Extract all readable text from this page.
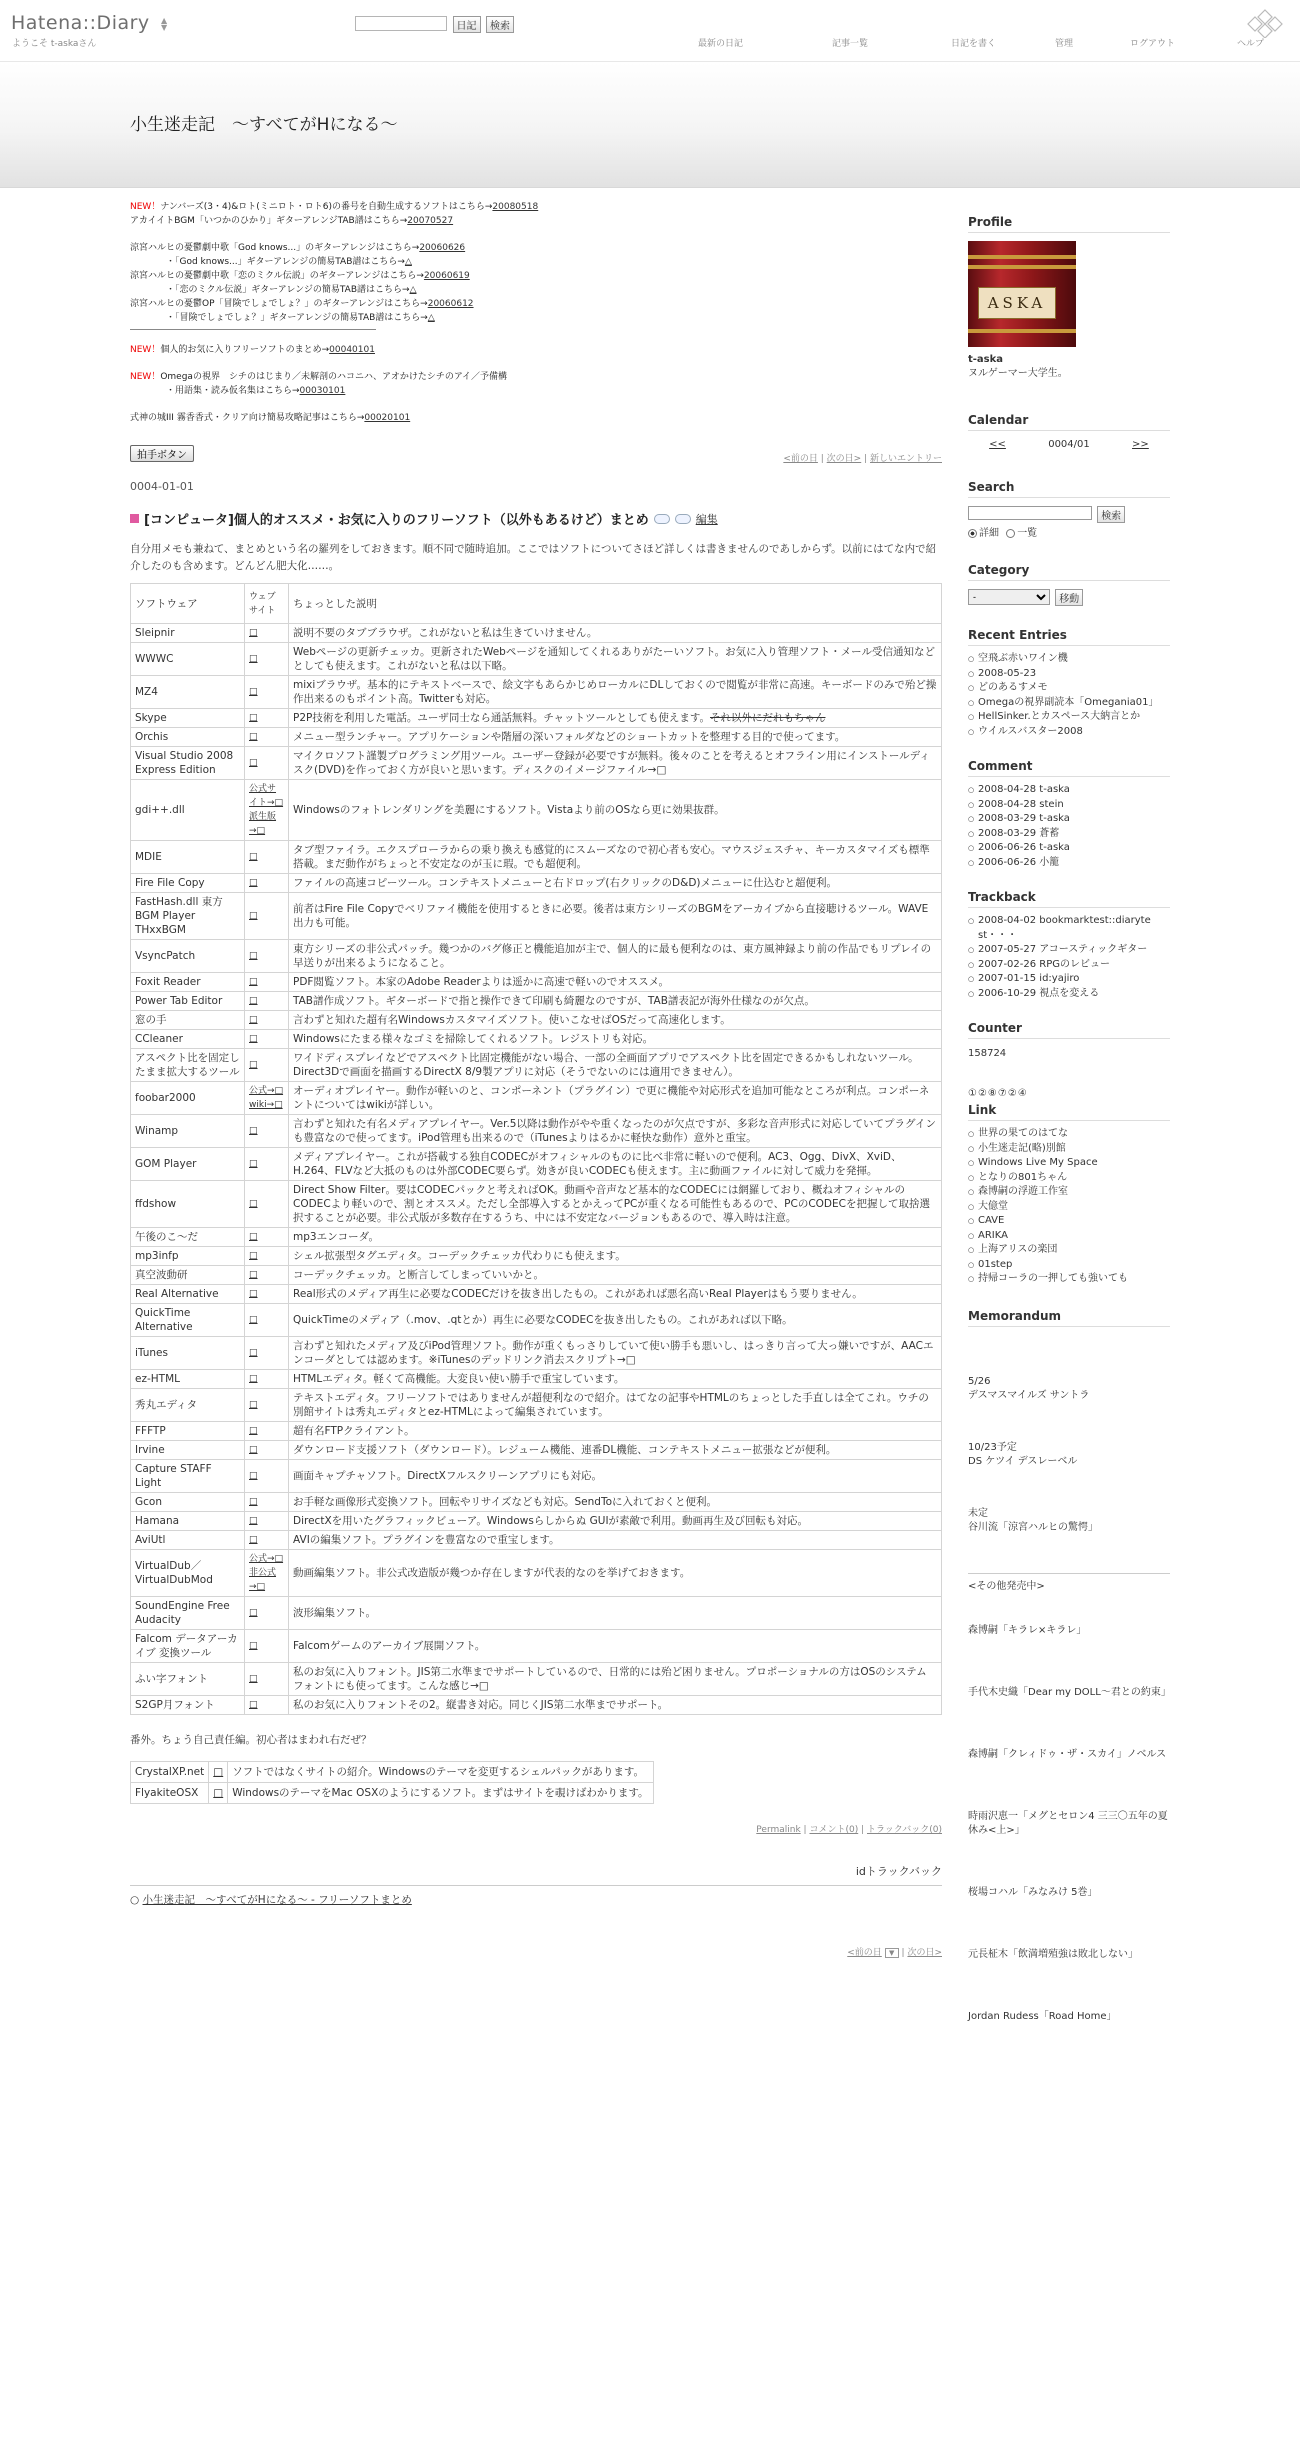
Hatena::Diary ▲
▼
ようこそ t-askaさん
日記 検索
最新の日記	記事一覧	日記を書く	管理	ログアウト	ヘルプ
小生迷走記　〜すべてがHになる〜
NEW！ナンバーズ(3・4)&ロト(ミニロト・ロト6)の番号を自動生成するソフトはこちら→20080518
アカイイトBGM「いつかのひかり」ギターアレンジTAB譜はこちら→20070527
涼宮ハルヒの憂鬱劇中歌「God knows...」のギターアレンジはこちら→20060626
・「God knows...」ギターアレンジの簡易TAB譜はこちら→△
涼宮ハルヒの憂鬱劇中歌「恋のミクル伝説」のギターアレンジはこちら→20060619
・「恋のミクル伝説」ギターアレンジの簡易TAB譜はこちら→△
涼宮ハルヒの憂鬱OP「冒険でしょでしょ？」のギターアレンジはこちら→20060612
・「冒険でしょでしょ？」ギターアレンジの簡易TAB譜はこちら→△
NEW！個人的お気に入りフリーソフトのまとめ→00040101
NEW！Omegaの視界　シチのはじまり／未解剖のハコニハ、アオかけたシチのアイ／予備構
・用語集・読み仮名集はこちら→00030101
式神の城III 霧香香式・クリア向け簡易攻略記事はこちら→00020101
拍手ボタン	<前の日 | 次の日> | 新しいエントリー
0004-01-01
[コンピュータ]個人的オススメ・お気に入りのフリーソフト（以外もあるけど）まとめ	編集
自分用メモも兼ねて、まとめという名の羅列をしておきます。順不同で随時追加。ここではソフトについてさほど詳しくは書きませんのであしからず。以前にはてな内で紹介したのも含めます。どんどん肥大化……。
ソフトウェア	ウェブサイト	ちょっとした説明
Sleipnir	□	説明不要のタブブラウザ。これがないと私は生きていけません。
WWWC	□	Webページの更新チェッカ。更新されたWebページを通知してくれるありがたーいソフト。お気に入り管理ソフト・メール受信通知などとしても使えます。これがないと私は以下略。
MZ4	□	mixiブラウザ。基本的にテキストベースで、絵文字もあらかじめローカルにDLしておくので閲覧が非常に高速。キーボードのみで殆ど操作出来るのもポイント高。Twitterも対応。
Skype	□	P2P技術を利用した電話。ユーザ同士なら通話無料。チャットツールとしても使えます。それ以外にだれもちゃん
Orchis	□	メニュー型ランチャー。アプリケーションや階層の深いフォルダなどのショートカットを整理する目的で使ってます。
Visual Studio 2008 Express Edition	□	マイクロソフト謹製プログラミング用ツール。ユーザー登録が必要ですが無料。後々のことを考えるとオフライン用にインストールディスク(DVD)を作っておく方が良いと思います。ディスクのイメージファイル→□
gdi++.dll	公式サイト→□ 派生版→□	Windowsのフォトレンダリングを美麗にするソフト。Vistaより前のOSなら更に効果抜群。
MDIE	□	タブ型ファイラ。エクスプローラからの乗り換えも感覚的にスムーズなので初心者も安心。マウスジェスチャ、キーカスタマイズも標準搭載。まだ動作がちょっと不安定なのが玉に瑕。でも超便利。
Fire File Copy	□	ファイルの高速コピーツール。コンテキストメニューと右ドロップ(右クリックのD&D)メニューに仕込むと超便利。
FastHash.dll 東方BGM Player THxxBGM	□	前者はFire File Copyでベリファイ機能を使用するときに必要。後者は東方シリーズのBGMをアーカイブから直接聴けるツール。WAVE出力も可能。
VsyncPatch	□	東方シリーズの非公式パッチ。幾つかのバグ修正と機能追加が主で、個人的に最も便利なのは、東方風神録より前の作品でもリプレイの早送りが出来るようになること。
Foxit Reader	□	PDF閲覧ソフト。本家のAdobe Readerよりは遥かに高速で軽いのでオススメ。
Power Tab Editor	□	TAB譜作成ソフト。ギターボードで指と操作できて印刷も綺麗なのですが、TAB譜表記が海外仕様なのが欠点。
窓の手	□	言わずと知れた超有名Windowsカスタマイズソフト。使いこなせばOSだって高速化します。
CCleaner	□	Windowsにたまる様々なゴミを掃除してくれるソフト。レジストリも対応。
アスペクト比を固定したまま拡大するツール	□	ワイドディスプレイなどでアスペクト比固定機能がない場合、一部の全画面アプリでアスペクト比を固定できるかもしれないツール。Direct3Dで画面を描画するDirectX 8/9製アプリに対応（そうでないのには適用できません）。
foobar2000	公式→□ wiki→□	オーディオプレイヤー。動作が軽いのと、コンポーネント（プラグイン）で更に機能や対応形式を追加可能なところが利点。コンポーネントについてはwikiが詳しい。
Winamp	□	言わずと知れた有名メディアプレイヤー。Ver.5以降は動作がやや重くなったのが欠点ですが、多彩な音声形式に対応していてプラグインも豊富なので使ってます。iPod管理も出来るので（iTunesよりはるかに軽快な動作）意外と重宝。
GOM Player	□	メディアプレイヤー。これが搭載する独自CODECがオフィシャルのものに比べ非常に軽いので便利。AC3、Ogg、DivX、XviD、H.264、FLVなど大抵のものは外部CODEC要らず。効きが良いCODECも使えます。主に動画ファイルに対して威力を発揮。
ffdshow	□	Direct Show Filter。要はCODECパックと考えればOK。動画や音声など基本的なCODECには網羅しており、概ねオフィシャルのCODECより軽いので、割とオススメ。ただし全部導入するとかえってPCが重くなる可能性もあるので、PCのCODECを把握して取捨選択することが必要。非公式版が多数存在するうち、中には不安定なバージョンもあるので、導入時は注意。
午後のこ〜だ	□	mp3エンコーダ。
mp3infp	□	シェル拡張型タグエディタ。コーデックチェッカ代わりにも使えます。
真空波動研	□	コーデックチェッカ。と断言してしまっていいかと。
Real Alternative	□	Real形式のメディア再生に必要なCODECだけを抜き出したもの。これがあれば悪名高いReal Playerはもう要りません。
QuickTime Alternative	□	QuickTimeのメディア（.mov、.qtとか）再生に必要なCODECを抜き出したもの。これがあれば以下略。
iTunes	□	言わずと知れたメディア及びiPod管理ソフト。動作が重くもっさりしていて使い勝手も悪いし、はっきり言って大っ嫌いですが、AACエンコーダとしては認めます。※iTunesのデッドリンク消去スクリプト→□
ez-HTML	□	HTMLエディタ。軽くて高機能。大変良い使い勝手で重宝しています。
秀丸エディタ	□	テキストエディタ。フリーソフトではありませんが超便利なので紹介。はてなの記事やHTMLのちょっとした手直しは全てこれ。ウチの別館サイトは秀丸エディタとez-HTMLによって編集されています。
FFFTP	□	超有名FTPクライアント。
Irvine	□	ダウンロード支援ソフト（ダウンロード）。レジューム機能、連番DL機能、コンテキストメニュー拡張などが便利。
Capture STAFF Light	□	画面キャプチャソフト。DirectXフルスクリーンアプリにも対応。
Gcon	□	お手軽な画像形式変換ソフト。回転やリサイズなども対応。SendToに入れておくと便利。
Hamana	□	DirectXを用いたグラフィックビューア。Windowsらしからぬ GUIが素敵で利用。動画再生及び回転も対応。
AviUtl	□	AVIの編集ソフト。プラグインを豊富なので重宝します。
VirtualDub／VirtualDubMod	公式→□ 非公式→□	動画編集ソフト。非公式改造版が幾つか存在しますが代表的なのを挙げておきます。
SoundEngine Free Audacity	□	波形編集ソフト。
Falcom データアーカイブ 変換ツール	□	Falcomゲームのアーカイブ展開ソフト。
ふい字フォント	□	私のお気に入りフォント。JIS第二水準までサポートしているので、日常的には殆ど困りません。プロポーショナルの方はOSのシステムフォントにも使ってます。こんな感じ→□
S2GP月フォント	□	私のお気に入りフォントその2。縦書き対応。同じくJIS第二水準までサポート。
番外。ちょう自己責任編。初心者はまわれ右だぜ？
CrystalXP.net	□	ソフトではなくサイトの紹介。Windowsのテーマを変更するシェルパックがあります。
FlyakiteOSX	□	WindowsのテーマをMac OSXのようにするソフト。まずはサイトを覗けばわかります。
Permalink | コメント(0) | トラックバック(0)
idトラックバック
○ 小生迷走記　〜すべてがHになる〜 - フリーソフトまとめ
<前の日 ▼ | 次の日>
Profile
ASKA
t-aska
ヌルゲーマー大学生。
Calendar
<<	0004/01	>>
Search
検索
詳細 一覧
Category
- 移動
Recent Entries
○ 空飛ぶ赤いワイン機
○ 2008-05-23
○ どのあるすメモ
○ Omegaの視界副読本「Omegania01」
○ HellSinker.とカスペース大納言とか
○ ウイルスバスター2008
Comment
○ 2008-04-28 t-aska
○ 2008-04-28 stein
○ 2008-03-29 t-aska
○ 2008-03-29 蒼蓄
○ 2006-06-26 t-aska
○ 2006-06-26 小籠
Trackback
○ 2008-04-02 bookmarktest::diaryte st・・・
○ 2007-05-27 アコースティックギター
○ 2007-02-26 RPGのレビュー
○ 2007-01-15 id:yajiro
○ 2006-10-29 視点を変える
Counter
158724
①②⑧⑦②④
Link
○ 世界の果てのはてな
○ 小生迷走記(略)別館
○ Windows Live My Space
○ となりの801ちゃん
○ 森博嗣の浮遊工作室
○ 大億堂
○ CAVE
○ ARIKA
○ 上海アリスの楽団
○ 01step
○ 持帰コーラの一押しても強いても
Memorandum
5/26
デスマスマイルズ サントラ
10/23予定
DS ケツイ デスレーベル
未定
谷川流「涼宮ハルヒの驚愕」
<その他発売中>
森博嗣「キラレ×キラレ」
手代木史織「Dear my DOLL〜君との約束」
森博嗣「クレィドゥ・ザ・スカイ」ノベルス
時雨沢恵一「メグとセロン4 三三〇五年の夏休み<上>」
桜場コハル「みなみけ 5巻」
元長柾木「飲満増殖強は敗北しない」
Jordan Rudess「Road Home」
